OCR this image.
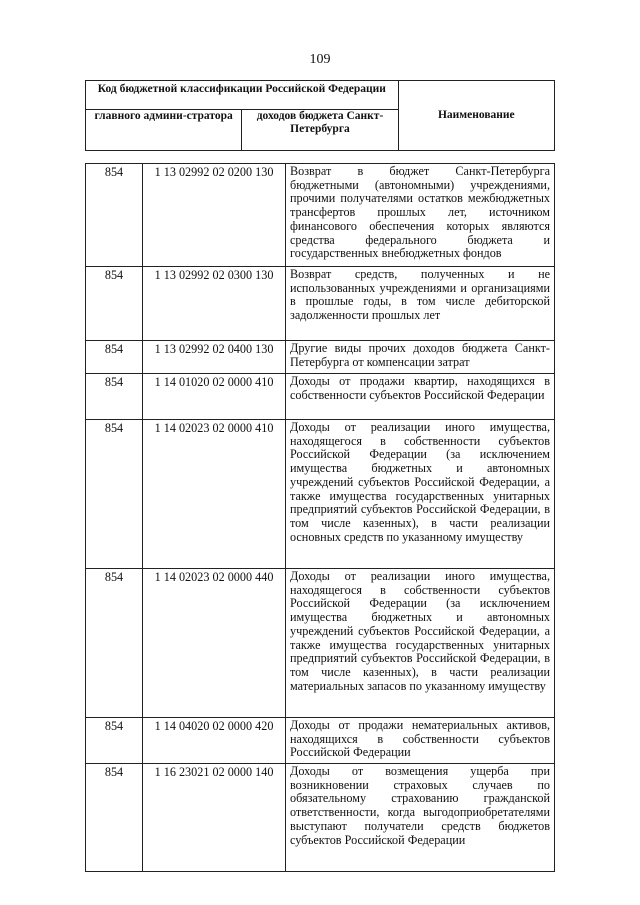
109
Код бюджетной классификации Российской Федерации		Наименование
главного админи-стратора	доходов бюджета Санкт-Петербурга	
854	1 13 02992 02 0200 130	Возврат в бюджет Санкт-Петербурга бюджетными (автономными) учреждениями, прочими получателями остатков межбюджетных трансфертов прошлых лет, источником финансового обеспечения которых являются средства федерального бюджета и государственных внебюджетных фондов
854	1 13 02992 02 0300 130	Возврат средств, полученных и не использованных учреждениями и организациями в прошлые годы, в том числе дебиторской задолженности прошлых лет
854	1 13 02992 02 0400 130	Другие виды прочих доходов бюджета Санкт-Петербурга от компенсации затрат
854	1 14 01020 02 0000 410	Доходы от продажи квартир, находящихся в собственности субъектов Российской Федерации
854	1 14 02023 02 0000 410	Доходы от реализации иного имущества, находящегося в собственности субъектов Российской Федерации (за исключением имущества бюджетных и автономных учреждений субъектов Российской Федерации, а также имущества государственных унитарных предприятий субъектов Российской Федерации, в том числе казенных), в части реализации основных средств по указанному имуществу
854	1 14 02023 02 0000 440	Доходы от реализации иного имущества, находящегося в собственности субъектов Российской Федерации (за исключением имущества бюджетных и автономных учреждений субъектов Российской Федерации, а также имущества государственных унитарных предприятий субъектов Российской Федерации, в том числе казенных), в части реализации материальных запасов по указанному имуществу
854	1 14 04020 02 0000 420	Доходы от продажи нематериальных активов, находящихся в собственности субъектов Российской Федерации
854	1 16 23021 02 0000 140	Доходы от возмещения ущерба при возникновении страховых случаев по обязательному страхованию гражданской ответственности, когда выгодоприобретателями выступают получатели средств бюджетов субъектов Российской Федерации
